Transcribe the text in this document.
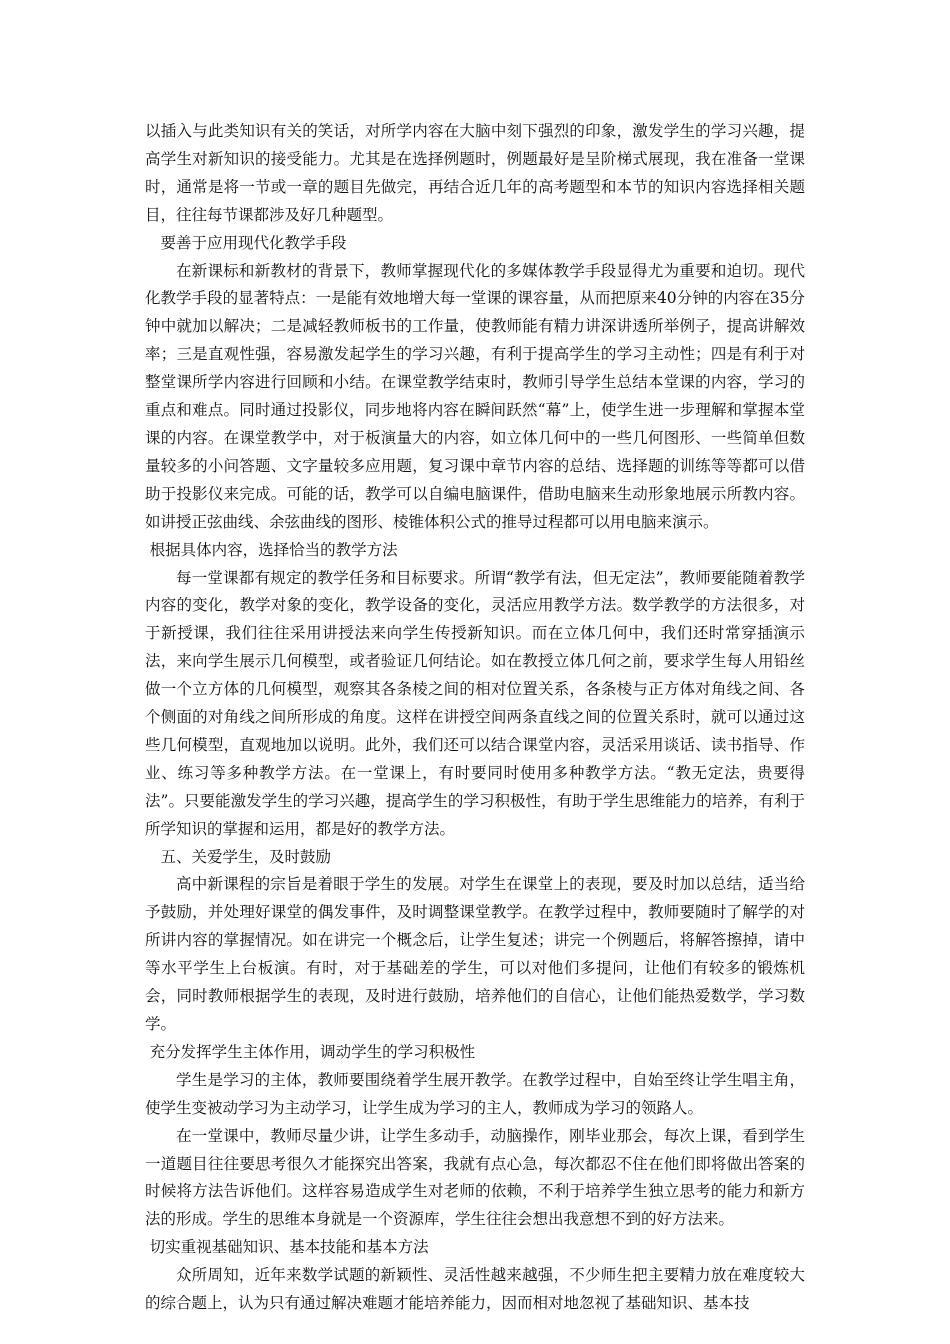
以插入与此类知识有关的笑话，对所学内容在大脑中刻下强烈的印象，激发学生的学习兴趣，提高学生对新知识的接受能力。尤其是在选择例题时，例题最好是呈阶梯式展现，我在准备一堂课时，通常是将一节或一章的题目先做完，再结合近几年的高考题型和本节的知识内容选择相关题目，往往每节课都涉及好几种题型。

要善于应用现代化教学手段

在新课标和新教材的背景下，教师掌握现代化的多媒体教学手段显得尤为重要和迫切。现代化教学手段的显著特点：一是能有效地增大每一堂课的课容量，从而把原来40分钟的内容在35分钟中就加以解决；二是减轻教师板书的工作量，使教师能有精力讲深讲透所举例子，提高讲解效率；三是直观性强，容易激发起学生的学习兴趣，有利于提高学生的学习主动性；四是有利于对整堂课所学内容进行回顾和小结。在课堂教学结束时，教师引导学生总结本堂课的内容，学习的重点和难点。同时通过投影仪，同步地将内容在瞬间跃然“幕”上，使学生进一步理解和掌握本堂课的内容。在课堂教学中，对于板演量大的内容，如立体几何中的一些几何图形、一些简单但数量较多的小问答题、文字量较多应用题，复习课中章节内容的总结、选择题的训练等等都可以借助于投影仪来完成。可能的话，教学可以自编电脑课件，借助电脑来生动形象地展示所教内容。如讲授正弦曲线、余弦曲线的图形、棱锥体积公式的推导过程都可以用电脑来演示。

根据具体内容，选择恰当的教学方法

每一堂课都有规定的教学任务和目标要求。所谓“教学有法，但无定法”，教师要能随着教学内容的变化，教学对象的变化，教学设备的变化，灵活应用教学方法。数学教学的方法很多，对于新授课，我们往往采用讲授法来向学生传授新知识。而在立体几何中，我们还时常穿插演示法，来向学生展示几何模型，或者验证几何结论。如在教授立体几何之前，要求学生每人用铅丝做一个立方体的几何模型，观察其各条棱之间的相对位置关系，各条棱与正方体对角线之间、各个侧面的对角线之间所形成的角度。这样在讲授空间两条直线之间的位置关系时，就可以通过这些几何模型，直观地加以说明。此外，我们还可以结合课堂内容，灵活采用谈话、读书指导、作业、练习等多种教学方法。在一堂课上，有时要同时使用多种教学方法。“教无定法，贵要得法”。只要能激发学生的学习兴趣，提高学生的学习积极性，有助于学生思维能力的培养，有利于所学知识的掌握和运用，都是好的教学方法。

五、关爱学生，及时鼓励

高中新课程的宗旨是着眼于学生的发展。对学生在课堂上的表现，要及时加以总结，适当给予鼓励，并处理好课堂的偶发事件，及时调整课堂教学。在教学过程中，教师要随时了解学的对所讲内容的掌握情况。如在讲完一个概念后，让学生复述；讲完一个例题后，将解答擦掉，请中等水平学生上台板演。有时，对于基础差的学生，可以对他们多提问，让他们有较多的锻炼机会，同时教师根据学生的表现，及时进行鼓励，培养他们的自信心，让他们能热爱数学，学习数学。

充分发挥学生主体作用，调动学生的学习积极性

学生是学习的主体，教师要围绕着学生展开教学。在教学过程中，自始至终让学生唱主角，使学生变被动学习为主动学习，让学生成为学习的主人，教师成为学习的领路人。

在一堂课中，教师尽量少讲，让学生多动手，动脑操作，刚毕业那会，每次上课，看到学生一道题目往往要思考很久才能探究出答案，我就有点心急，每次都忍不住在他们即将做出答案的时候将方法告诉他们。这样容易造成学生对老师的依赖，不利于培养学生独立思考的能力和新方法的形成。学生的思维本身就是一个资源库，学生往往会想出我意想不到的好方法来。

切实重视基础知识、基本技能和基本方法

众所周知，近年来数学试题的新颖性、灵活性越来越强，不少师生把主要精力放在难度较大的综合题上，认为只有通过解决难题才能培养能力，因而相对地忽视了基础知识、基本技
